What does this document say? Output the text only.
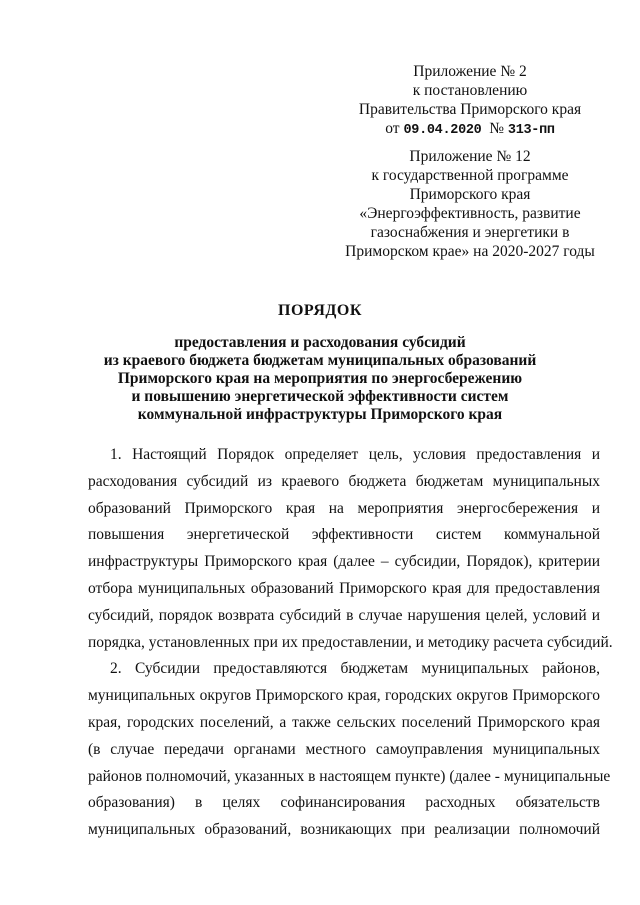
Приложение № 2
к постановлению
Правительства Приморского края
от 09.04.2020 № 313-пп
Приложение № 12
к государственной программе
Приморского края
«Энергоэффективность, развитие
газоснабжения и энергетики в
Приморском крае» на 2020-2027 годы
ПОРЯДОК
предоставления и расходования субсидий
из краевого бюджета бюджетам муниципальных образований
Приморского края на мероприятия по энергосбережению
и повышению энергетической эффективности систем
коммунальной инфраструктуры Приморского края

1. Настоящий Порядок определяет цель, условия предоставления и

расходования субсидий из краевого бюджета бюджетам муниципальных

образований Приморского края на мероприятия энергосбережения и

повышения энергетической эффективности систем коммунальной

инфраструктуры Приморского края (далее – субсидии, Порядок), критерии

отбора муниципальных образований Приморского края для предоставления

субсидий, порядок возврата субсидий в случае нарушения целей, условий и

порядка, установленных при их предоставлении, и методику расчета субсидий.

2. Субсидии предоставляются бюджетам муниципальных районов,

муниципальных округов Приморского края, городских округов Приморского

края, городских поселений, а также сельских поселений Приморского края

(в случае передачи органами местного самоуправления муниципальных

районов полномочий, указанных в настоящем пункте) (далее - муниципальные

образования) в целях софинансирования расходных обязательств

муниципальных образований, возникающих при реализации полномочий
